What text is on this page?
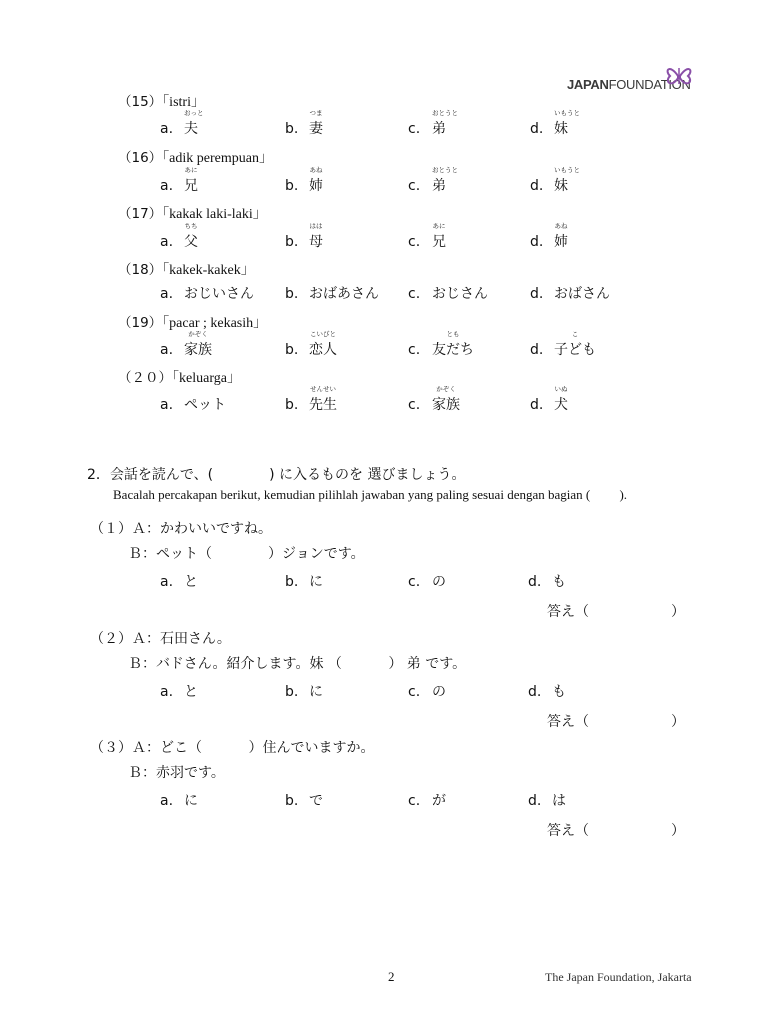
JAPANFOUNDATION
（15）「istri」
a. 夫
おっと
b. 妻
つま
c. 弟
おとうと
d. 妹
いもうと
（16）「adik perempuan」
a. 兄
あに
b. 姉
あね
c. 弟
おとうと
d. 妹
いもうと
（17）「kakak laki-laki」
a. 父
ちち
b. 母
はは
c. 兄
あに
d. 姉
あね
（18）「kakek-kakek」
a. おじいさん b. おばあさん c. おじさん	d. おばさん
（19）「pacar ; kekasih」
a. 家族
かぞく
b. 恋人
こいびと
c. 友だち
とも
d. 子ども
こ
（２０）「keluarga」
a. ペット	b. 先生
せんせい
c. 家族
かぞく
d. 犬
いぬ
2．会話を読んで、(　　　　) に入るものを 選びましょう。
Bacalah percakapan berikut, kemudian pilihlah jawaban yang paling sesuai dengan bagian (　　 ).
（１）Ａ：かわいいですね。
Ｂ：ペット（　　　　）ジョンです。
a. と	b. に	c. の	d. も
答え（	）
（２）Ａ：石田さん。
Ｂ：バドさん。紹介します。妹 （　　　 ） 弟 です。
a. と	b. に	c. の	d. も
答え（	）
（３）Ａ：どこ（　　　 ）住んでいますか。
Ｂ：赤羽です。
a. に	b. で	c. が	d. は
答え（	）
2	The Japan Foundation, Jakarta
